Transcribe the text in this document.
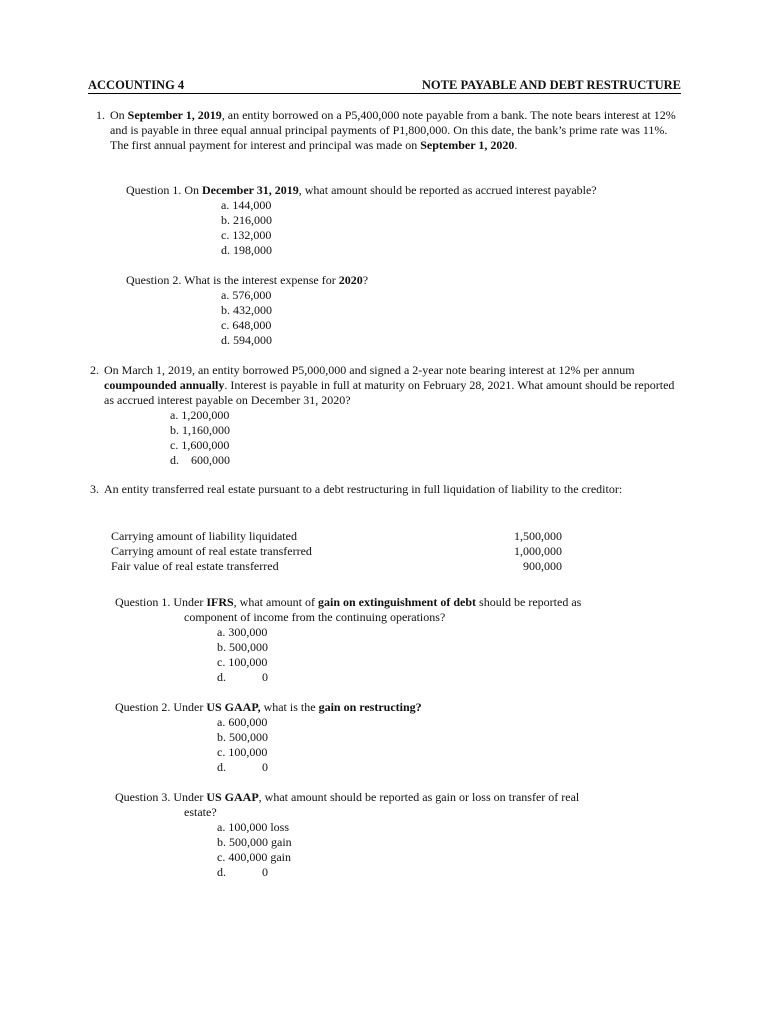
ACCOUNTING 4	NOTE PAYABLE AND DEBT RESTRUCTURE
1. On September 1, 2019, an entity borrowed on a P5,400,000 note payable from a bank. The note bears interest at 12% and is payable in three equal annual principal payments of P1,800,000. On this date, the bank’s prime rate was 11%. The first annual payment for interest and principal was made on September 1, 2020.
Question 1. On December 31, 2019, what amount should be reported as accrued interest payable?
a. 144,000
b. 216,000
c. 132,000
d. 198,000
Question 2. What is the interest expense for 2020?
a. 576,000
b. 432,000
c. 648,000
d. 594,000
2. On March 1, 2019, an entity borrowed P5,000,000 and signed a 2-year note bearing interest at 12% per annum coumpounded annually. Interest is payable in full at maturity on February 28, 2021. What amount should be reported as accrued interest payable on December 31, 2020?
a. 1,200,000
b. 1,160,000
c. 1,600,000
d.    600,000
3. An entity transferred real estate pursuant to a debt restructuring in full liquidation of liability to the creditor:
Carrying amount of liability liquidated	1,500,000
Carrying amount of real estate transferred	1,000,000
Fair value of real estate transferred	900,000
Question 1. Under IFRS, what amount of gain on extinguishment of debt should be reported as
component of income from the continuing operations?
a. 300,000
b. 500,000
c. 100,000
d.            0
Question 2. Under US GAAP, what is the gain on restructing?
a. 600,000
b. 500,000
c. 100,000
d.            0
Question 3. Under US GAAP, what amount should be reported as gain or loss on transfer of real
estate?
a. 100,000 loss
b. 500,000 gain
c. 400,000 gain
d.            0
